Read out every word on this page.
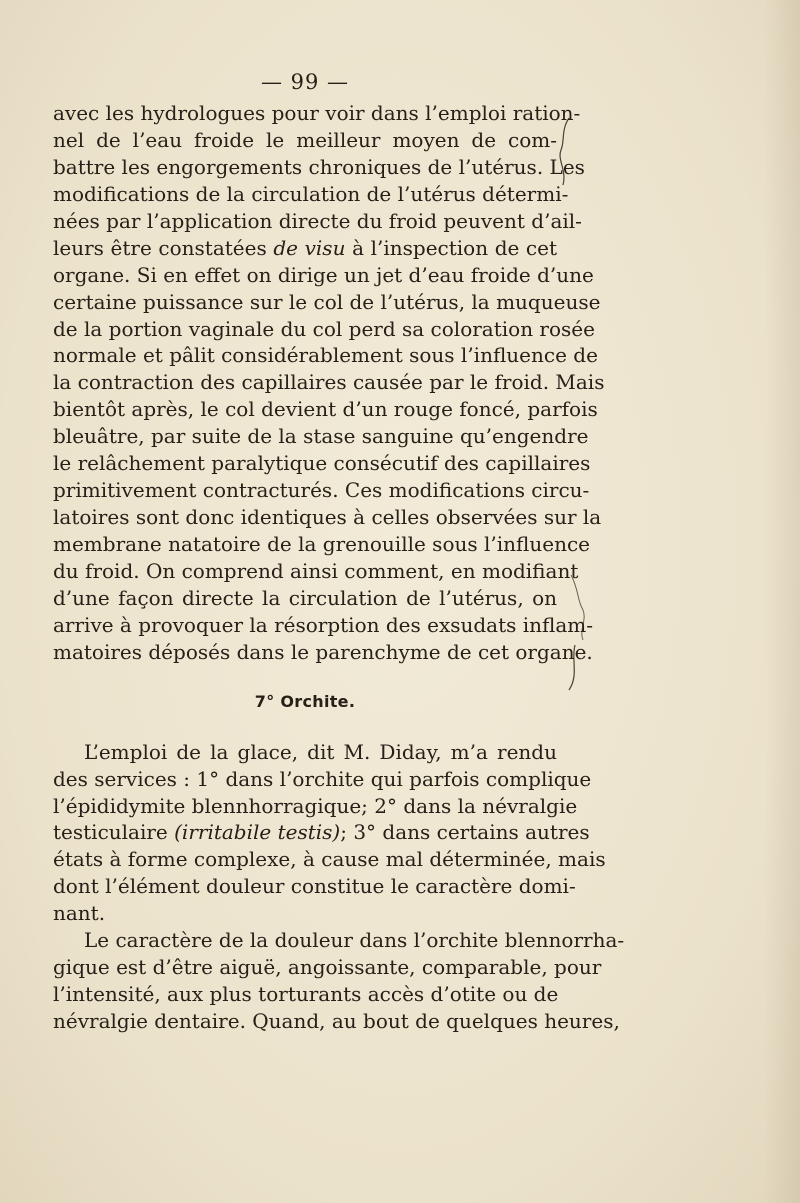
— 99 —
avec les hydrologues pour voir dans l’emploi ration-
nel de l’eau froide le meilleur moyen de com-
battre les engorgements chroniques de l’utérus. Les
modifications de la circulation de l’utérus détermi-
nées par l’application directe du froid peuvent d’ail-
leurs être constatées de visu à l’inspection de cet
organe. Si en effet on dirige un jet d’eau froide d’une
certaine puissance sur le col de l’utérus, la muqueuse
de la portion vaginale du col perd sa coloration rosée
normale et pâlit considérablement sous l’influence de
la contraction des capillaires causée par le froid. Mais
bientôt après, le col devient d’un rouge foncé, parfois
bleuâtre, par suite de la stase sanguine qu’engendre
le relâchement paralytique consécutif des capillaires
primitivement contracturés. Ces modifications circu-
latoires sont donc identiques à celles observées sur la
membrane natatoire de la grenouille sous l’influence
du froid. On comprend ainsi comment, en modifiant
d’une façon directe la circulation de l’utérus, on
arrive à provoquer la résorption des exsudats inflam-
matoires déposés dans le parenchyme de cet organe.
7° Orchite.
L’emploi de la glace, dit M. Diday, m’a rendu
des services : 1° dans l’orchite qui parfois complique
l’épididymite blennhorragique; 2° dans la névralgie
testiculaire (irritabile testis); 3° dans certains autres
états à forme complexe, à cause mal déterminée, mais
dont l’élément douleur constitue le caractère domi-
nant.
Le caractère de la douleur dans l’orchite blennorrha-
gique est d’être aiguë, angoissante, comparable, pour
l’intensité, aux plus torturants accès d’otite ou de
névralgie dentaire. Quand, au bout de quelques heures,
